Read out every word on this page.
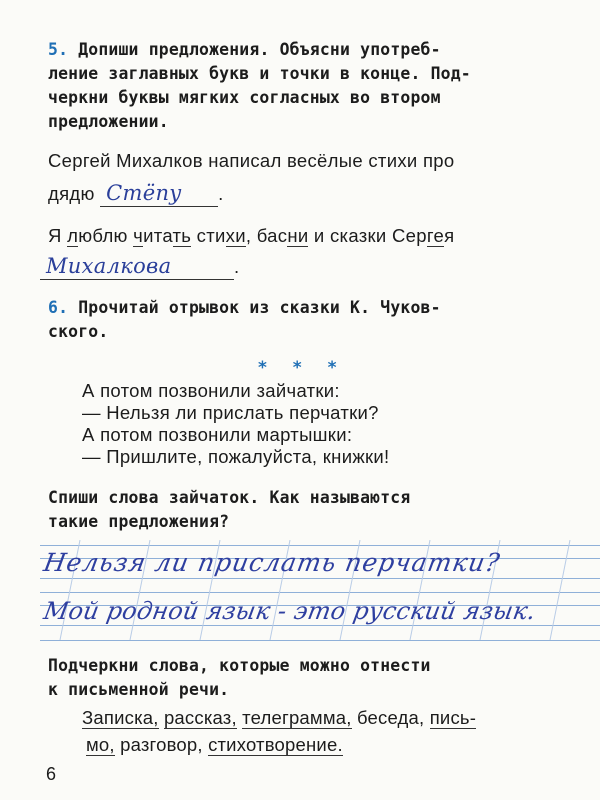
5. Допиши предложения. Объясни употреб-
ление заглавных букв и точки в конце. Под-
черкни буквы мягких согласных во втором
предложении.
Сергей Михалков написал весёлые стихи про
дядю Стёпу .
Я люблю читать стихи, басни и сказки Сергея
Михалкова	.
6. Прочитай отрывок из сказки К. Чуков-
ского.
* * *
А потом позвонили зайчатки:
— Нельзя ли прислать перчатки?
А потом позвонили мартышки:
— Пришлите, пожалуйста, книжки!
Спиши слова зайчаток. Как называются
такие предложения?
Нельзя ли прислать перчатки?
Мой родной язык - это русский язык.
Подчеркни слова, которые можно отнести
к письменной речи.
Записка, рассказ, телеграмма, беседа, пись-
мо, разговор, стихотворение.
6
